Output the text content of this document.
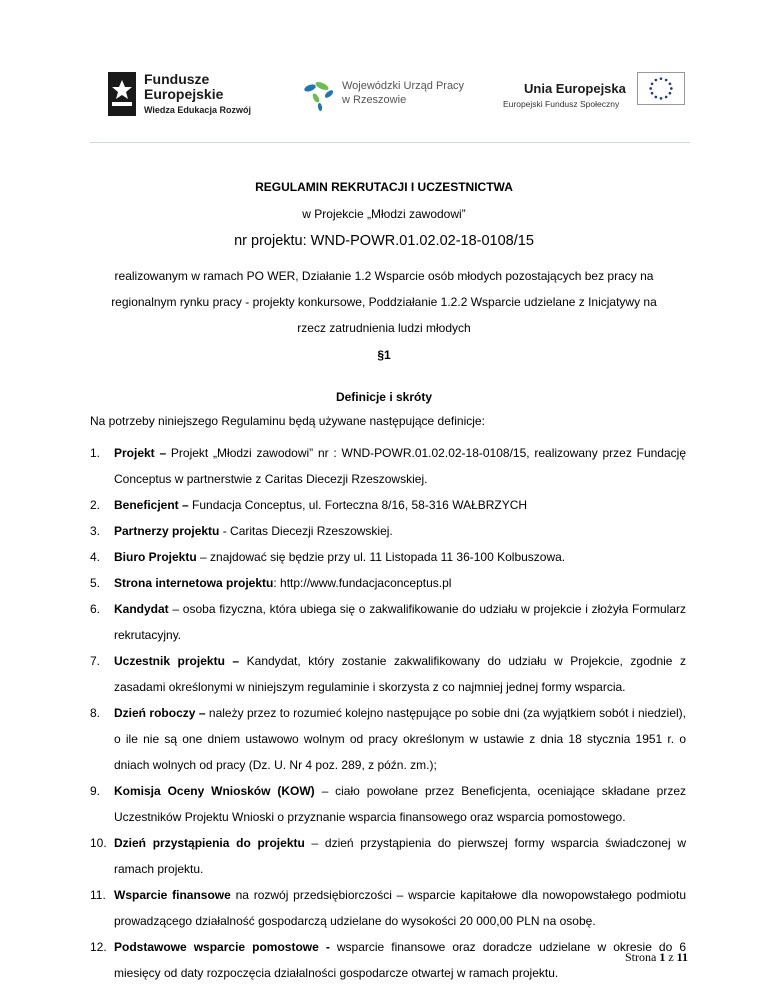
Fundusze
Europejskie
Wiedza Edukacja Rozwój
Wojewódzki Urząd Pracy
w Rzeszowie
Unia Europejska
Europejski Fundusz Społeczny
REGULAMIN REKRUTACJI I UCZESTNICTWA
w Projekcie „Młodzi zawodowi”
nr projektu: WND-POWR.01.02.02-18-0108/15
realizowanym w ramach PO WER, Działanie 1.2 Wsparcie osób młodych pozostających bez pracy na
regionalnym rynku pracy - projekty konkursowe, Poddziałanie 1.2.2 Wsparcie udzielane z Inicjatywy na
rzecz zatrudnienia ludzi młodych
§1
Definicje i skróty
Na potrzeby niniejszego Regulaminu będą używane następujące definicje:
1. Projekt – Projekt „Młodzi zawodowi” nr : WND-POWR.01.02.02-18-0108/15, realizowany przez Fundację Conceptus w partnerstwie z Caritas Diecezji Rzeszowskiej.
2. Beneficjent – Fundacja Conceptus, ul. Forteczna 8/16, 58-316 WAŁBRZYCH
3. Partnerzy projektu - Caritas Diecezji Rzeszowskiej.
4. Biuro Projektu – znajdować się będzie przy ul. 11 Listopada 11 36-100 Kolbuszowa.
5. Strona internetowa projektu: http://www.fundacjaconceptus.pl
6. Kandydat – osoba fizyczna, która ubiega się o zakwalifikowanie do udziału w projekcie i złożyła Formularz rekrutacyjny.
7. Uczestnik projektu – Kandydat, który zostanie zakwalifikowany do udziału w Projekcie, zgodnie z zasadami określonymi w niniejszym regulaminie i skorzysta z co najmniej jednej formy wsparcia.
8. Dzień roboczy – należy przez to rozumieć kolejno następujące po sobie dni (za wyjątkiem sobót i niedziel), o ile nie są one dniem ustawowo wolnym od pracy określonym w ustawie z dnia 18 stycznia 1951 r. o dniach wolnych od pracy (Dz. U. Nr 4 poz. 289, z późn. zm.);
9. Komisja Oceny Wniosków (KOW) – ciało powołane przez Beneficjenta, oceniające składane przez Uczestników Projektu Wnioski o przyznanie wsparcia finansowego oraz wsparcia pomostowego.
10. Dzień przystąpienia do projektu – dzień przystąpienia do pierwszej formy wsparcia świadczonej w ramach projektu.
11. Wsparcie finansowe na rozwój przedsiębiorczości – wsparcie kapitałowe dla nowopowstałego podmiotu prowadzącego działalność gospodarczą udzielane do wysokości 20 000,00 PLN na osobę.
12. Podstawowe wsparcie pomostowe - wsparcie finansowe oraz doradcze udzielane w okresie do 6 miesięcy od daty rozpoczęcia działalności gospodarcze otwartej w ramach projektu.
Strona 1 z 11
